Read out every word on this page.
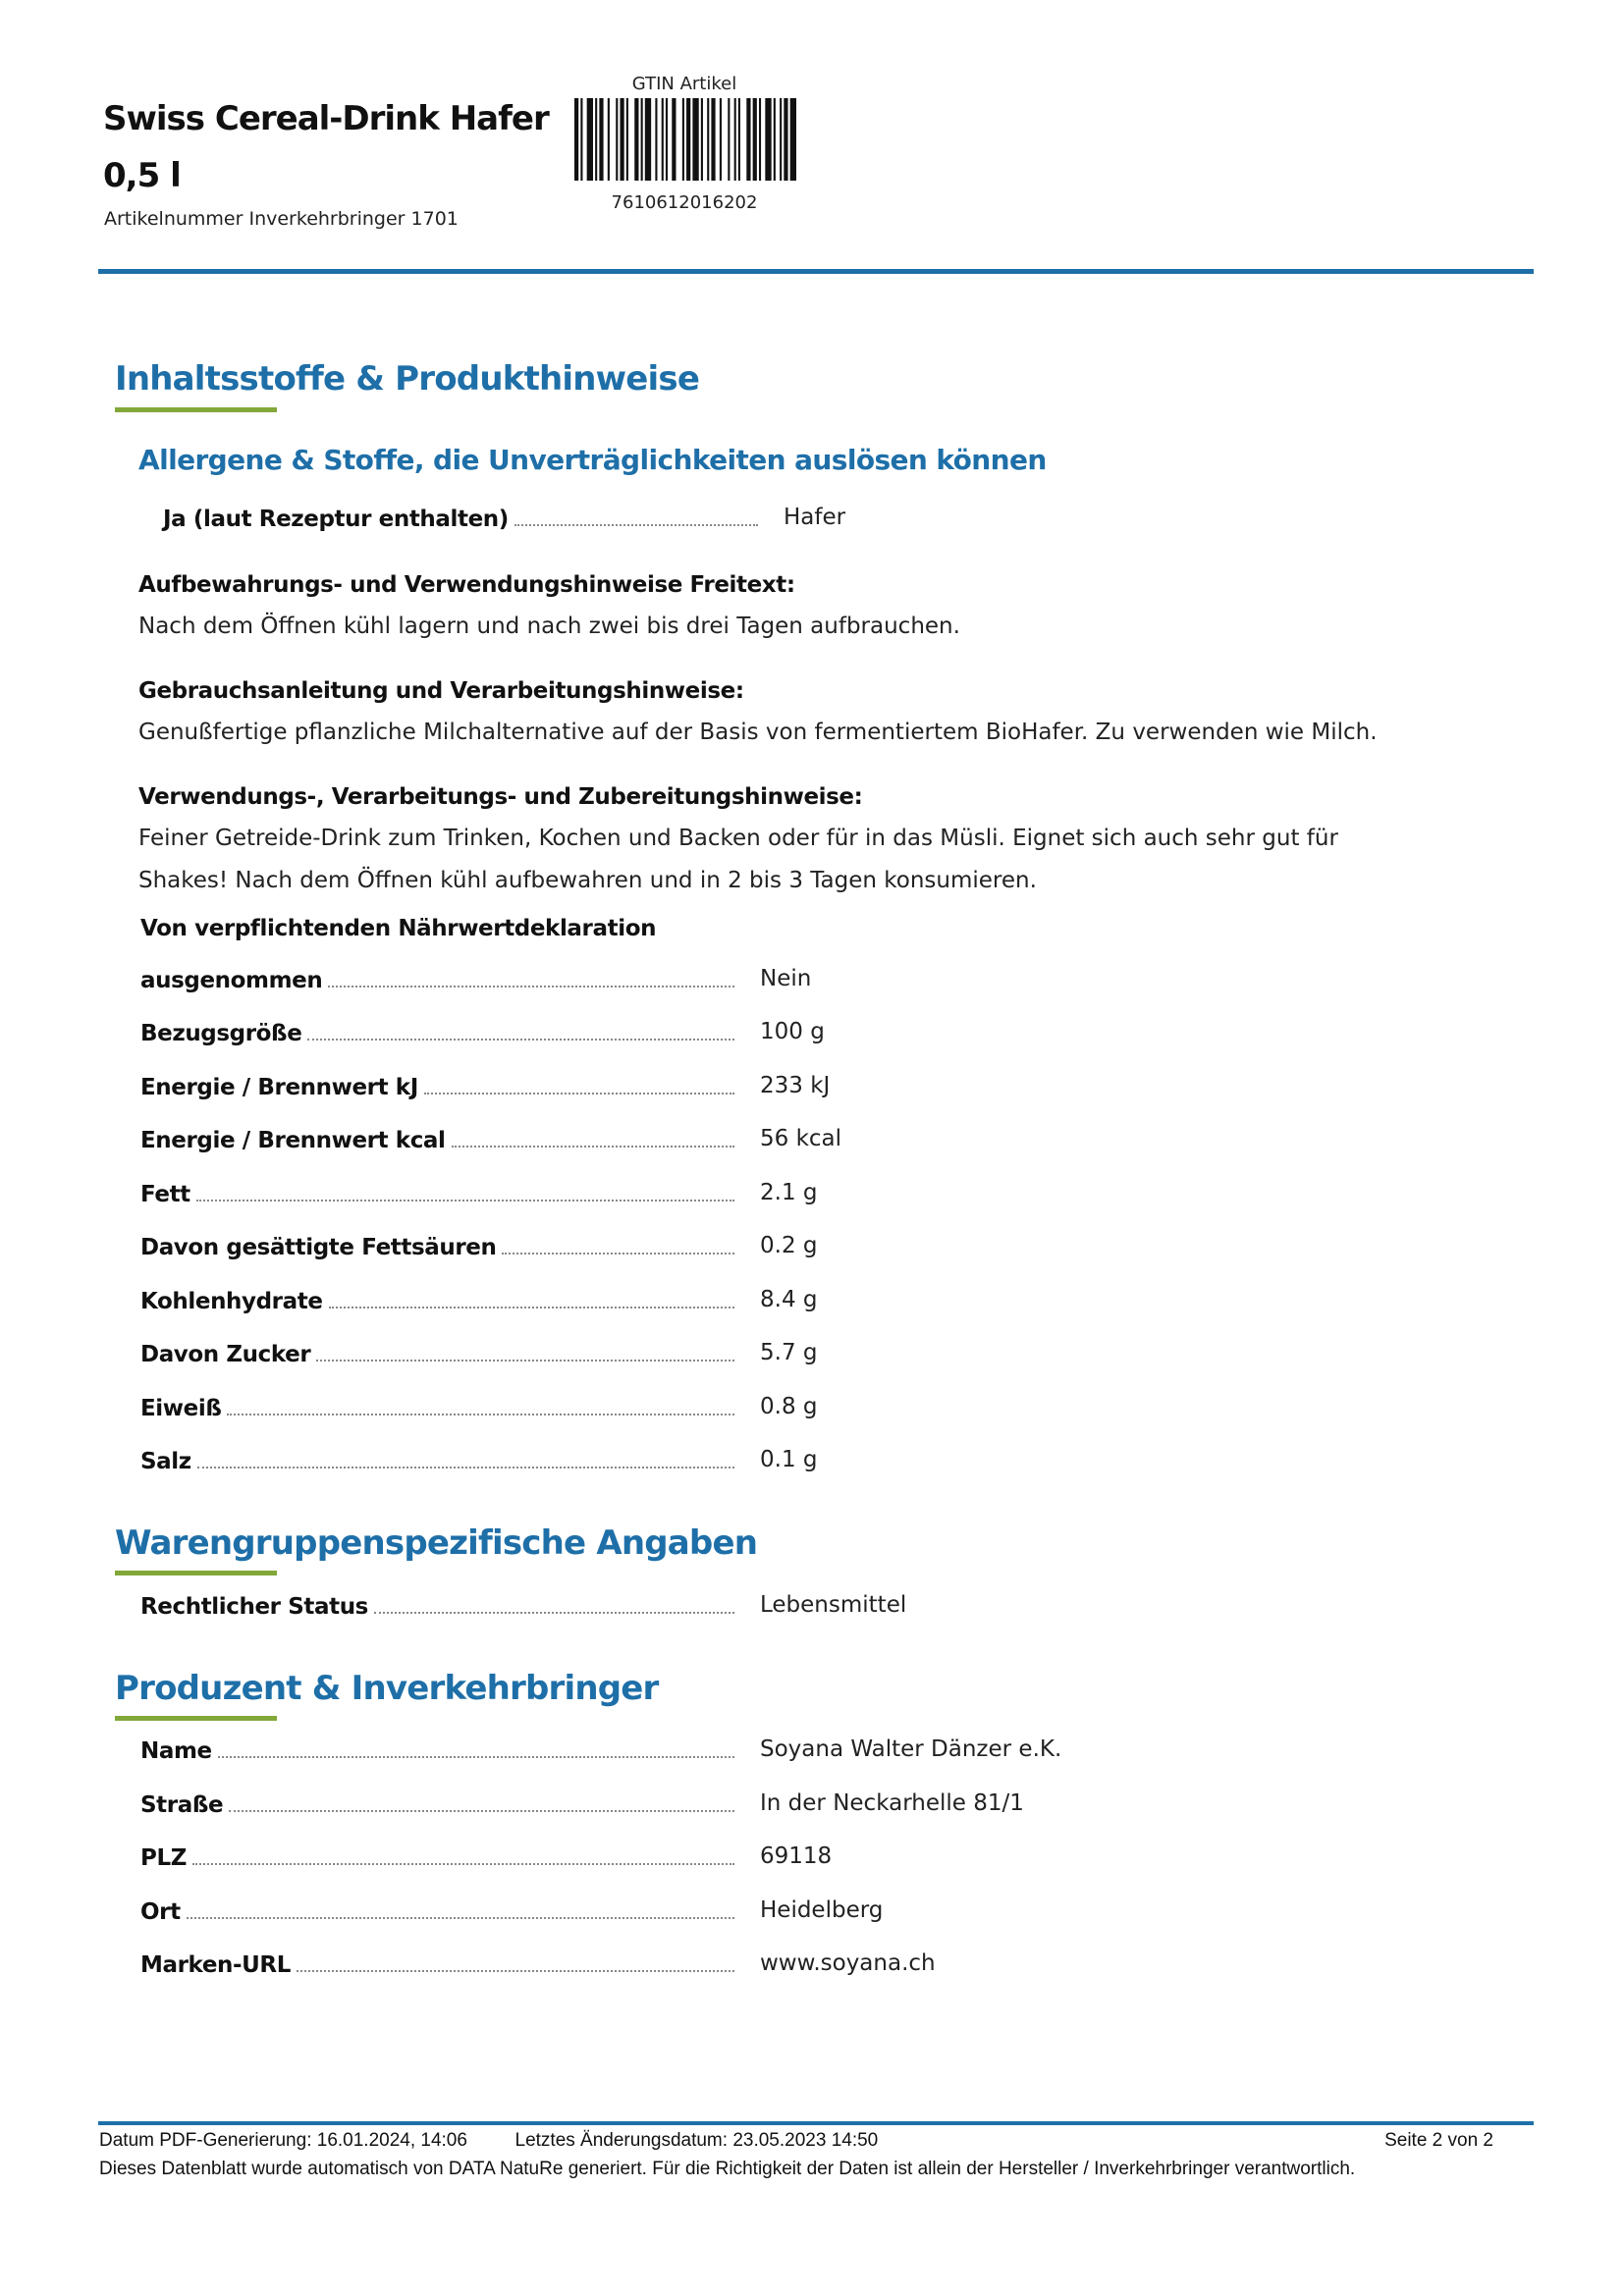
Swiss Cereal-Drink Hafer 0,5 l
Artikelnummer Inverkehrbringer 1701
GTIN Artikel
7610612016202
Inhaltsstoffe & Produkthinweise
Allergene & Stoffe, die Unverträglichkeiten auslösen können
Ja (laut Rezeptur enthalten)	Hafer
Aufbewahrungs- und Verwendungshinweise Freitext:
Nach dem Öffnen kühl lagern und nach zwei bis drei Tagen aufbrauchen.
Gebrauchsanleitung und Verarbeitungshinweise:
Genußfertige pflanzliche Milchalternative auf der Basis von fermentiertem BioHafer. Zu verwenden wie Milch.
Verwendungs-, Verarbeitungs- und Zubereitungshinweise:
Feiner Getreide-Drink zum Trinken, Kochen und Backen oder für in das Müsli. Eignet sich auch sehr gut für
Shakes! Nach dem Öffnen kühl aufbewahren und in 2 bis 3 Tagen konsumieren.
Von verpflichtenden Nährwertdeklaration
ausgenommen	Nein
Bezugsgröße	100 g
Energie / Brennwert kJ	233 kJ
Energie / Brennwert kcal	56 kcal
Fett	2.1 g
Davon gesättigte Fettsäuren	0.2 g
Kohlenhydrate	8.4 g
Davon Zucker	5.7 g
Eiweiß	0.8 g
Salz	0.1 g
Warengruppenspezifische Angaben
Rechtlicher Status	Lebensmittel
Produzent & Inverkehrbringer
Name	Soyana Walter Dänzer e.K.
Straße	In der Neckarhelle 81/1
PLZ	69118
Ort	Heidelberg
Marken-URL	www.soyana.ch
Datum PDF-Generierung: 16.01.2024, 14:06	Letztes Änderungsdatum: 23.05.2023 14:50	Seite 2 von 2
Dieses Datenblatt wurde automatisch von DATA NatuRe generiert. Für die Richtigkeit der Daten ist allein der Hersteller / Inverkehrbringer verantwortlich.
